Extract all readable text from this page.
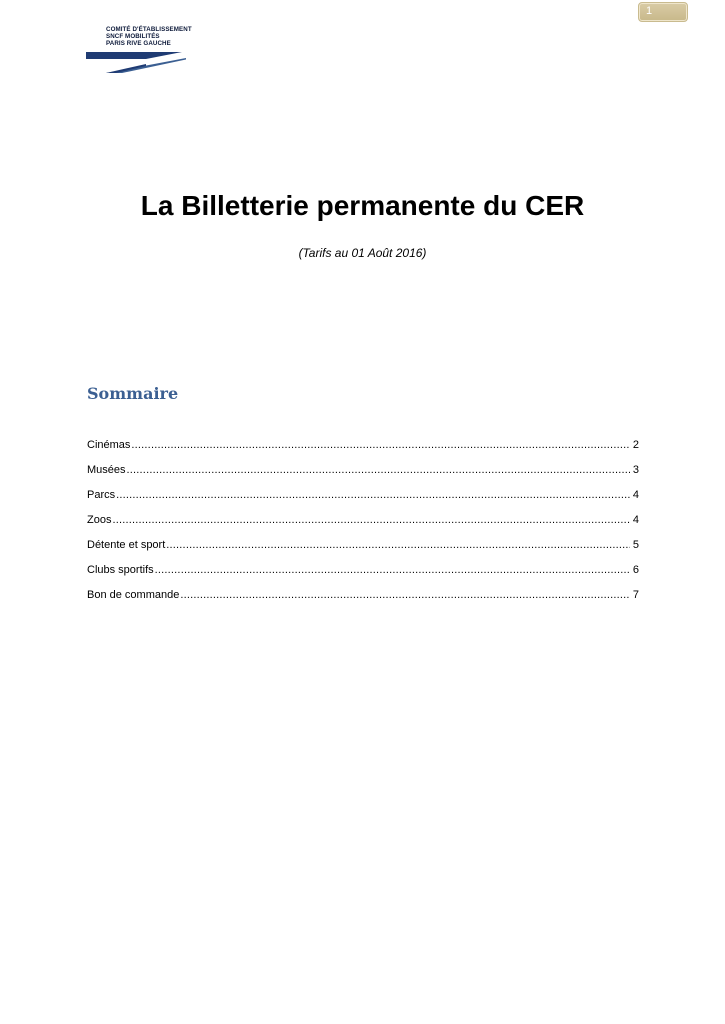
1
COMITÉ D'ÉTABLISSEMENT
SNCF MOBILITÉS
PARIS RIVE GAUCHE
La Billetterie permanente du CER
(Tarifs au 01 Août 2016)
Sommaire
Cinémas .....	2
Musées .....	3
Parcs .....	4
Zoos .....	4
Détente et sport .....	5
Clubs sportifs .....	6
Bon de commande .....	7
